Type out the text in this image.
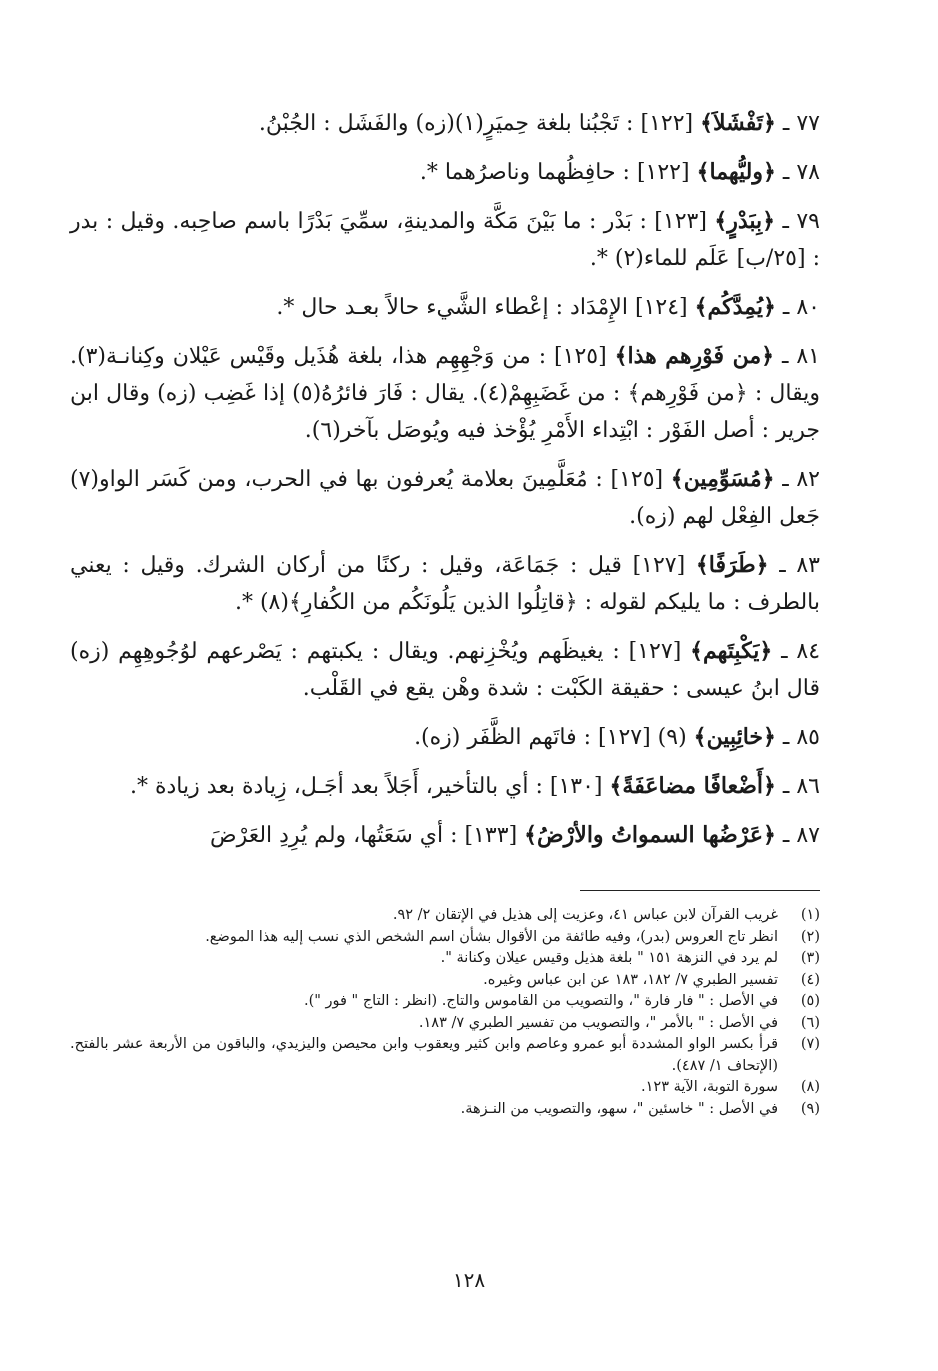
٧٧ ـ ﴿تَفْشَلاَ﴾ [١٢٢] : تَجْبُنا بلغة حِميَرٍ(١)(زه) والفَشَل : الجُبْنُ.

٧٨ ـ ﴿وليُّهما﴾ [١٢٢] : حافِظُهما وناصرُهما *.

٧٩ ـ ﴿بِبَدْرٍ﴾ [١٢٣] : بَدْر : ما بَيْنَ مَكَّة والمدينةِ، سمِّيَ بَدْرًا باسم صاحِبه. وقيل : بدر : [٢٥/ب] عَلَم للماء(٢) *.

٨٠ ـ ﴿يُمِدَّكُم﴾ [١٢٤] الإِمْدَاد : إعْطاء الشَّيء حالاً بعـد حال *.

٨١ ـ ﴿من فَوْرِهم هذا﴾ [١٢٥] : من وَجْهِهِم هذا، بلغة هُذَيل وقَيْس عَيْلان وكِنانـة(٣). ويقال : ﴿من فَوْرِهم﴾ : من غَضَبِهِمْ(٤). يقال : فَارَ فائرُهُ(٥) إذا غَضِب (زه) وقال ابن جرير : أصل الفَوْر : ابْتِداء الأَمْرِ يُؤْخذ فيه ويُوصَل بآخر(٦).

٨٢ ـ ﴿مُسَوِّمِين﴾ [١٢٥] : مُعَلَّمِينَ بعلامة يُعرفون بها في الحرب، ومن كَسَر الواو(٧) جَعل الفِعْل لهم (زه).

٨٣ ـ ﴿طَرَفًا﴾ [١٢٧] قيل : جَمَاعَة، وقيل : ركنًا من أركان الشرك. وقيل : يعني بالطرف : ما يليكم لقوله : ﴿قاتِلُوا الذين يَلُونَكُم من الكُفارِ﴾(٨) *.

٨٤ ـ ﴿يَكْبِتَهم﴾ [١٢٧] : يغيظَهم ويُخْزِنهم. ويقال : يكبتهم : يَصْرعهم لوُجُوهِهِم (زه) قال ابنُ عيسى : حقيقة الكَبْت : شدة وهْن يقع في القَلْب.

٨٥ ـ ﴿خائِبِين﴾ (٩) [١٢٧] : فاتَهم الظَّفَر (زه).

٨٦ ـ ﴿أَضْعافًا مضاعَفَةً﴾ [١٣٠] : أي بالتأخير، أَجَلاً بعد أجَـل، زِيادة بعد زيادة *.

٨٧ ـ ﴿عَرْضُها السمواتُ والأرْضُ﴾ [١٣٣] : أي سَعَتُها، ولم يُرِدِ العَرْضَ

(١)
غريب القرآن لابن عباس ٤١، وعزيت إلى هذيل في الإتقان ٢/ ٩٢.
(٢)
انظر تاج العروس (بدر)، وفيه طائفة من الأقوال بشأن اسم الشخص الذي نسب إليه هذا الموضع.
(٣)
لم يرد في النزهة ١٥١ " بلغة هذيل وقيس عيلان وكنانة ".
(٤)
تفسير الطبري ٧/ ١٨٢، ١٨٣ عن ابن عباس وغيره.
(٥)
في الأصل : " فار فارة "، والتصويب من القاموس والتاج. (انظر : التاج " فور ").
(٦)
في الأصل : " بالأمر "، والتصويب من تفسير الطبري ٧/ ١٨٣.
(٧)
قرأ بكسر الواو المشددة أبو عمرو وعاصم وابن كثير ويعقوب وابن محيصن واليزيدي، والباقون من الأربعة عشر بالفتح. (الإتحاف ١/ ٤٨٧).
(٨)
سورة التوبة، الآية ١٢٣.
(٩)
في الأصل : " خاسئين "، سهو، والتصويب من النـزهة.
١٢٨
